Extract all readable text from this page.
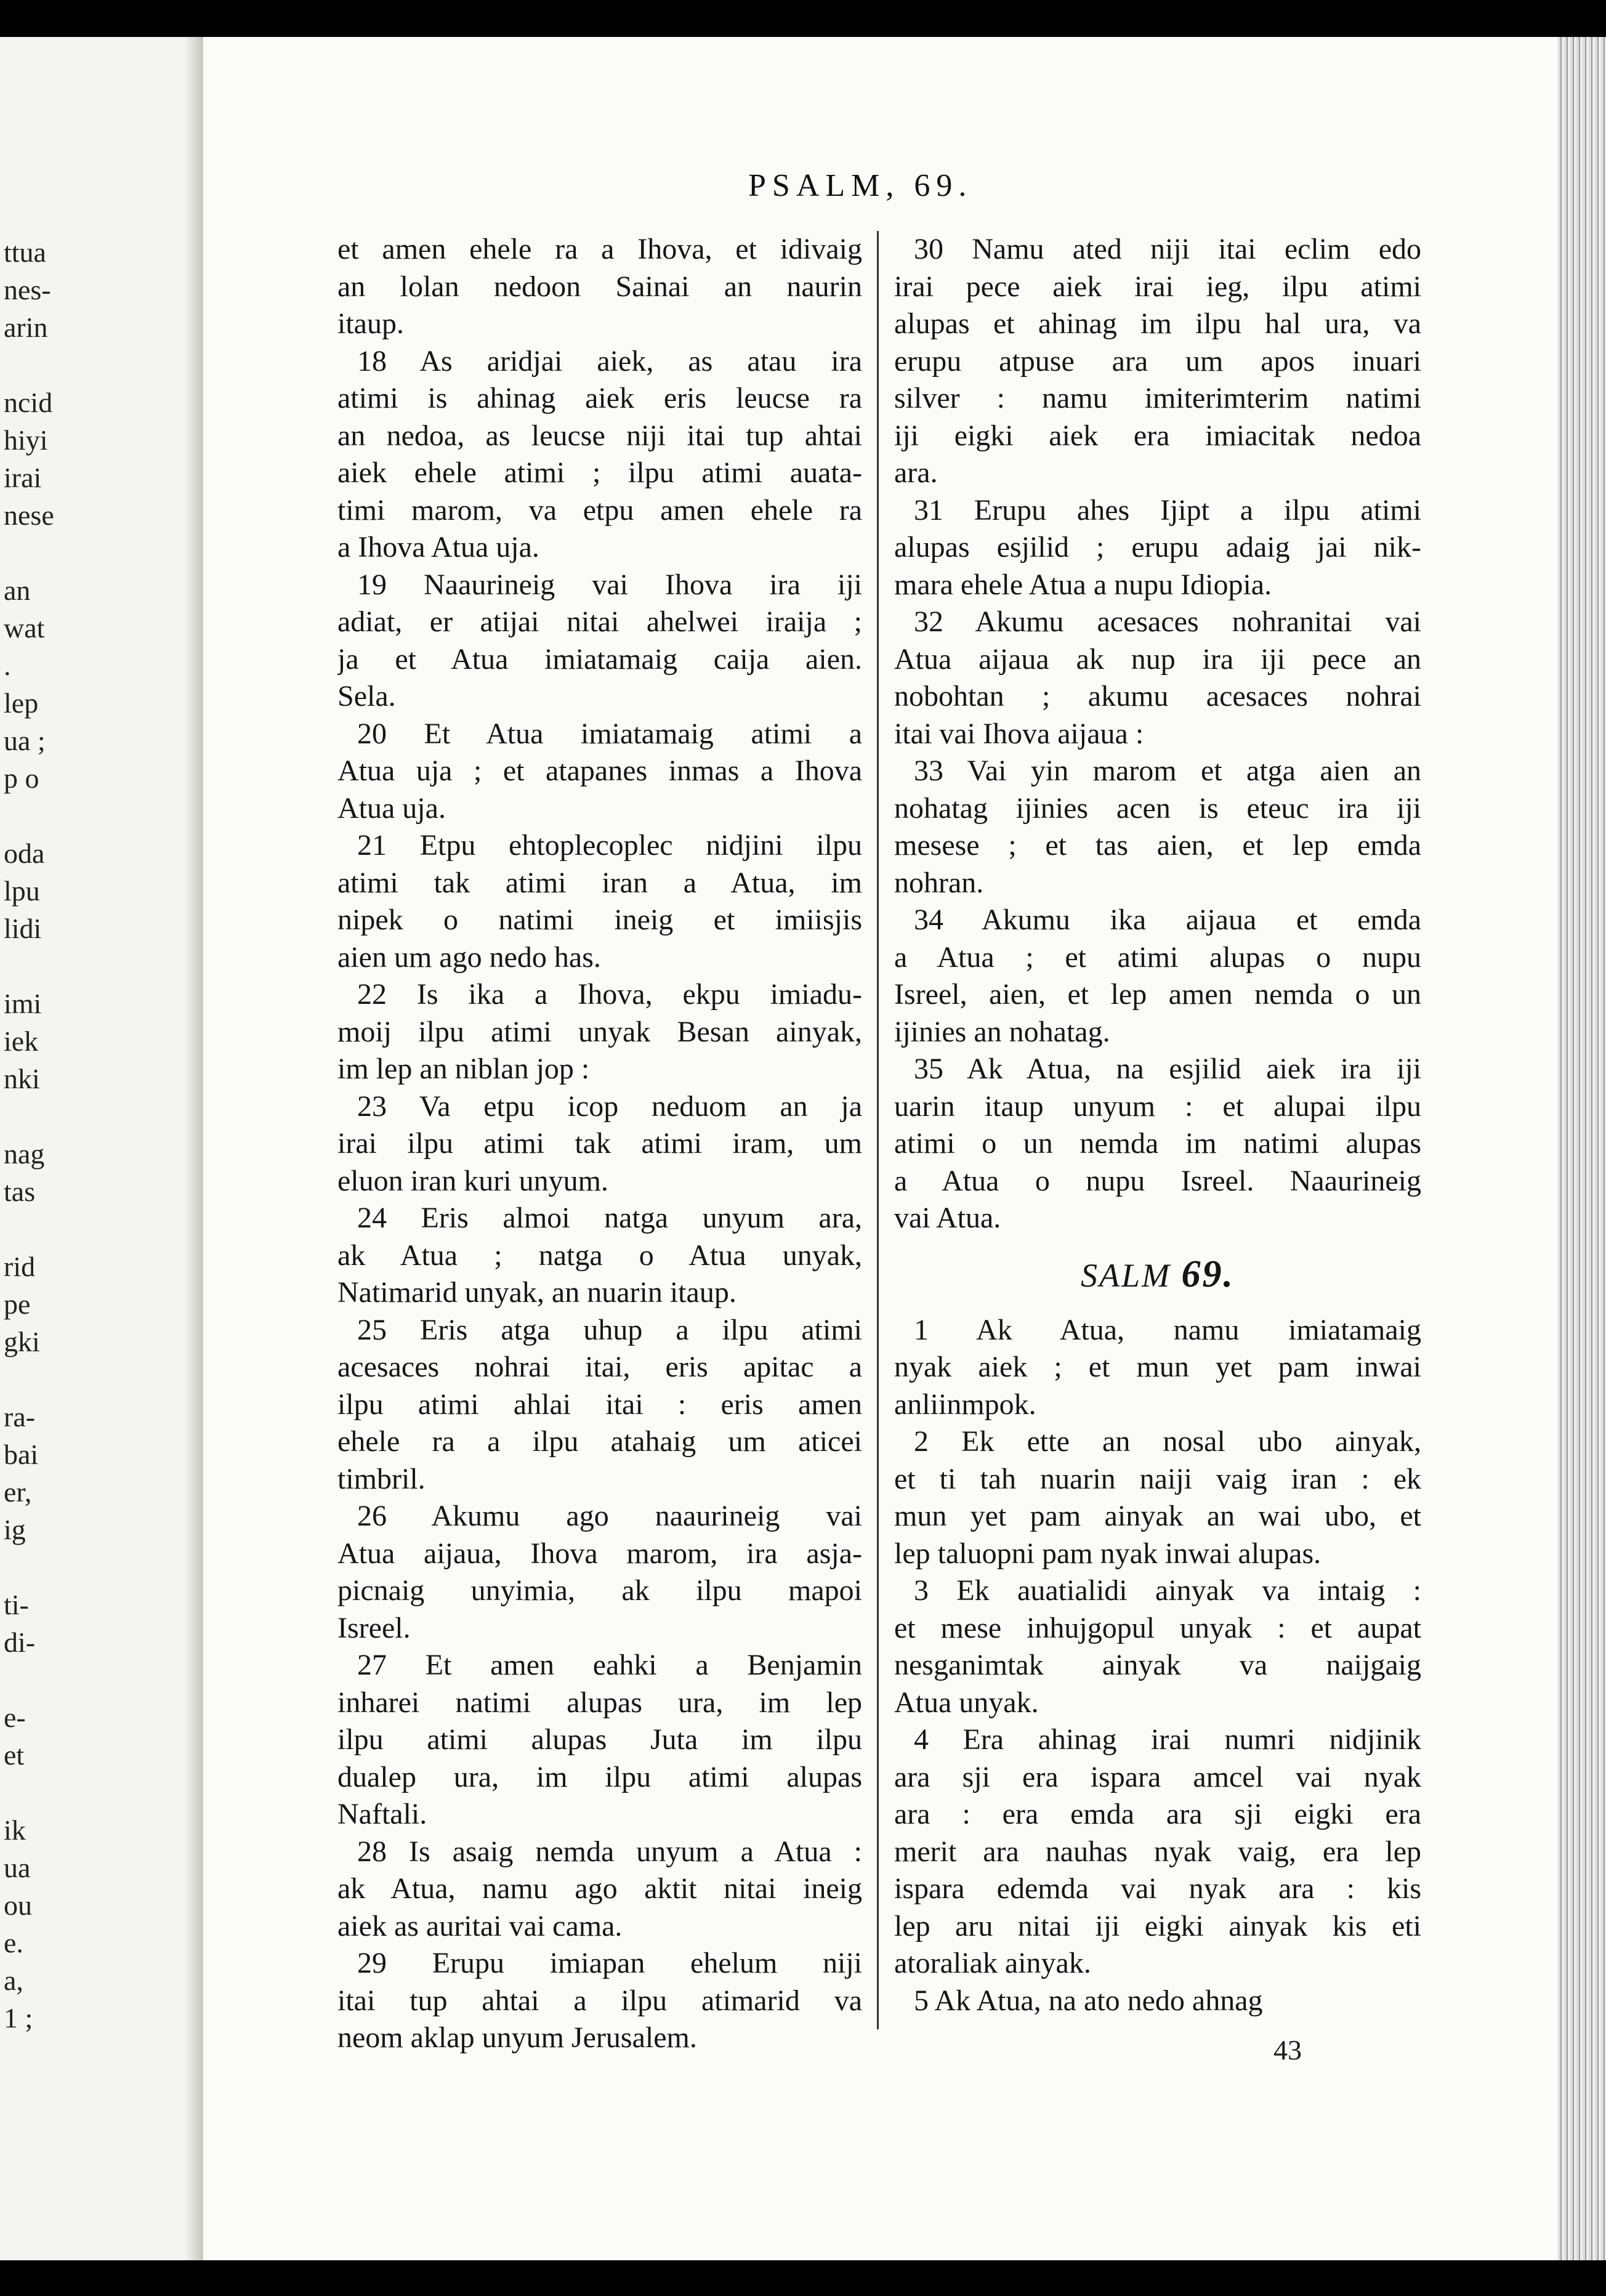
ttua
nes-
arin
ncid
hiyi
irai
nese
an
wat
.
lep
ua ;
p o
oda
lpu
lidi
imi
iek
nki
nag
tas
rid
pe
gki
ra-
bai
er,
ig
ti-
di-
e-
et
ik
ua
ou
e.
a,
1 ;
PSALM, 69.
et amen ehele ra a Ihova, et idivaig
an lolan nedoon Sainai an naurin
itaup.
18 As aridjai aiek, as atau ira
atimi is ahinag aiek eris leucse ra
an nedoa, as leucse niji itai tup ahtai
aiek ehele atimi ; ilpu atimi auata-
timi marom, va etpu amen ehele ra
a Ihova Atua uja.
19 Naaurineig vai Ihova ira iji
adiat, er atijai nitai ahelwei iraija ;
ja et Atua imiatamaig caija aien.
Sela.
20 Et Atua imiatamaig atimi a
Atua uja ; et atapanes inmas a Ihova
Atua uja.
21 Etpu ehtoplecoplec nidjini ilpu
atimi tak atimi iran a Atua, im
nipek o natimi ineig et imiisjis
aien um ago nedo has.
22 Is ika a Ihova, ekpu imiadu-
moij ilpu atimi unyak Besan ainyak,
im lep an niblan jop :
23 Va etpu icop neduom an ja
irai ilpu atimi tak atimi iram, um
eluon iran kuri unyum.
24 Eris almoi natga unyum ara,
ak Atua ; natga o Atua unyak,
Natimarid unyak, an nuarin itaup.
25 Eris atga uhup a ilpu atimi
acesaces nohrai itai, eris apitac a
ilpu atimi ahlai itai : eris amen
ehele ra a ilpu atahaig um aticei
timbril.
26 Akumu ago naaurineig vai
Atua aijaua, Ihova marom, ira asja-
picnaig unyimia, ak ilpu mapoi
Isreel.
27 Et amen eahki a Benjamin
inharei natimi alupas ura, im lep
ilpu atimi alupas Juta im ilpu
dualep ura, im ilpu atimi alupas
Naftali.
28 Is asaig nemda unyum a Atua :
ak Atua, namu ago aktit nitai ineig
aiek as auritai vai cama.
29 Erupu imiapan ehelum niji
itai tup ahtai a ilpu atimarid va
neom aklap unyum Jerusalem.
30 Namu ated niji itai eclim edo
irai pece aiek irai ieg, ilpu atimi
alupas et ahinag im ilpu hal ura, va
erupu atpuse ara um apos inuari
silver : namu imiterimterim natimi
iji eigki aiek era imiacitak nedoa
ara.
31 Erupu ahes Ijipt a ilpu atimi
alupas esjilid ; erupu adaig jai nik-
mara ehele Atua a nupu Idiopia.
32 Akumu acesaces nohranitai vai
Atua aijaua ak nup ira iji pece an
nobohtan ; akumu acesaces nohrai
itai vai Ihova aijaua :
33 Vai yin marom et atga aien an
nohatag ijinies acen is eteuc ira iji
mesese ; et tas aien, et lep emda
nohran.
34 Akumu ika aijaua et emda
a Atua ; et atimi alupas o nupu
Isreel, aien, et lep amen nemda o un
ijinies an nohatag.
35 Ak Atua, na esjilid aiek ira iji
uarin itaup unyum : et alupai ilpu
atimi o un nemda im natimi alupas
a Atua o nupu Isreel. Naaurineig
vai Atua.
SALM 69.
1 Ak Atua, namu imiatamaig
nyak aiek ; et mun yet pam inwai
anliinmpok.
2 Ek ette an nosal ubo ainyak,
et ti tah nuarin naiji vaig iran : ek
mun yet pam ainyak an wai ubo, et
lep taluopni pam nyak inwai alupas.
3 Ek auatialidi ainyak va intaig :
et mese inhujgopul unyak : et aupat
nesganimtak ainyak va naijgaig
Atua unyak.
4 Era ahinag irai numri nidjinik
ara sji era ispara amcel vai nyak
ara : era emda ara sji eigki era
merit ara nauhas nyak vaig, era lep
ispara edemda vai nyak ara : kis
lep aru nitai iji eigki ainyak kis eti
atoraliak ainyak.
5 Ak Atua, na ato nedo ahnag
43
